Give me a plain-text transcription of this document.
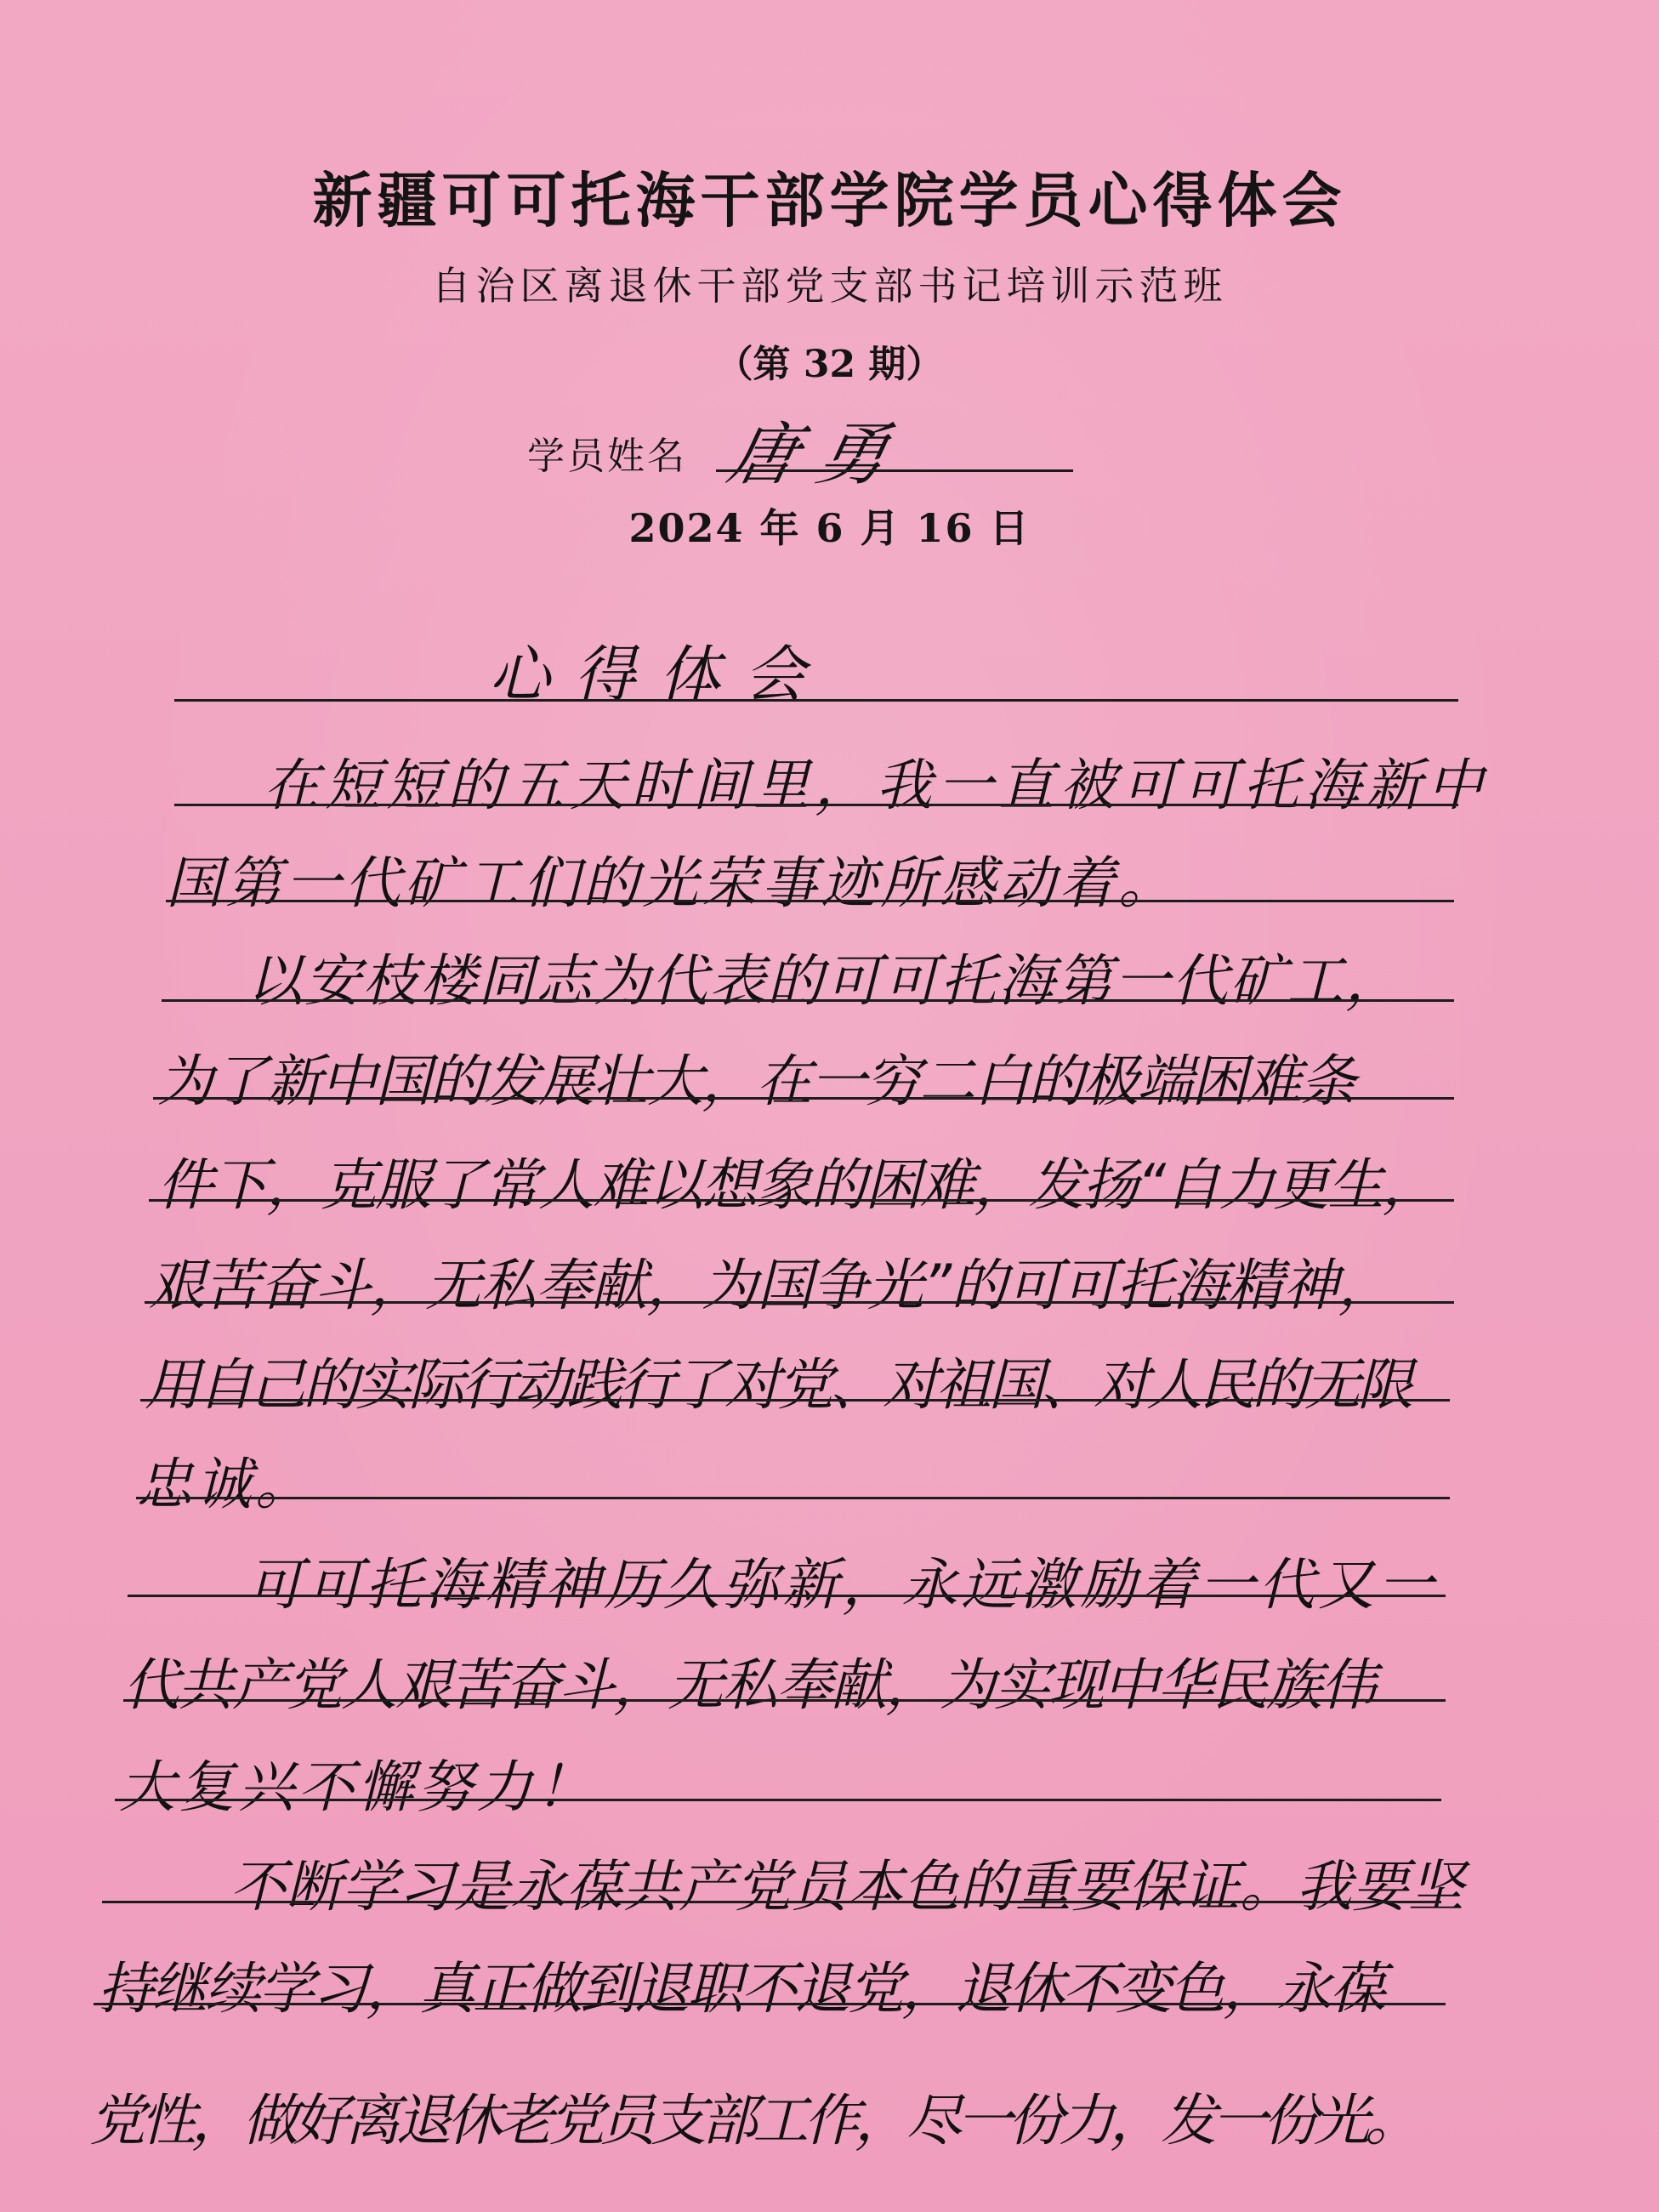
新疆可可托海干部学院学员心得体会
自治区离退休干部党支部书记培训示范班
（第 32 期）
学员姓名 唐勇
2024 年 6 月 16 日
心得体会
在短短的五天时间里，我一直被可可托海新中
国第一代矿工们的光荣事迹所感动着。
以安枝楼同志为代表的可可托海第一代矿工，
为了新中国的发展壮大，在一穷二白的极端困难条
件下，克服了常人难以想象的困难，发扬“自力更生，
艰苦奋斗，无私奉献，为国争光”的可可托海精神，
用自己的实际行动践行了对党、对祖国、对人民的无限
忠诚。
可可托海精神历久弥新，永远激励着一代又一
代共产党人艰苦奋斗，无私奉献，为实现中华民族伟
大复兴不懈努力！
不断学习是永葆共产党员本色的重要保证。我要坚
持继续学习，真正做到退职不退党，退休不变色，永葆
党性，做好离退休老党员支部工作，尽一份力，发一份光。
